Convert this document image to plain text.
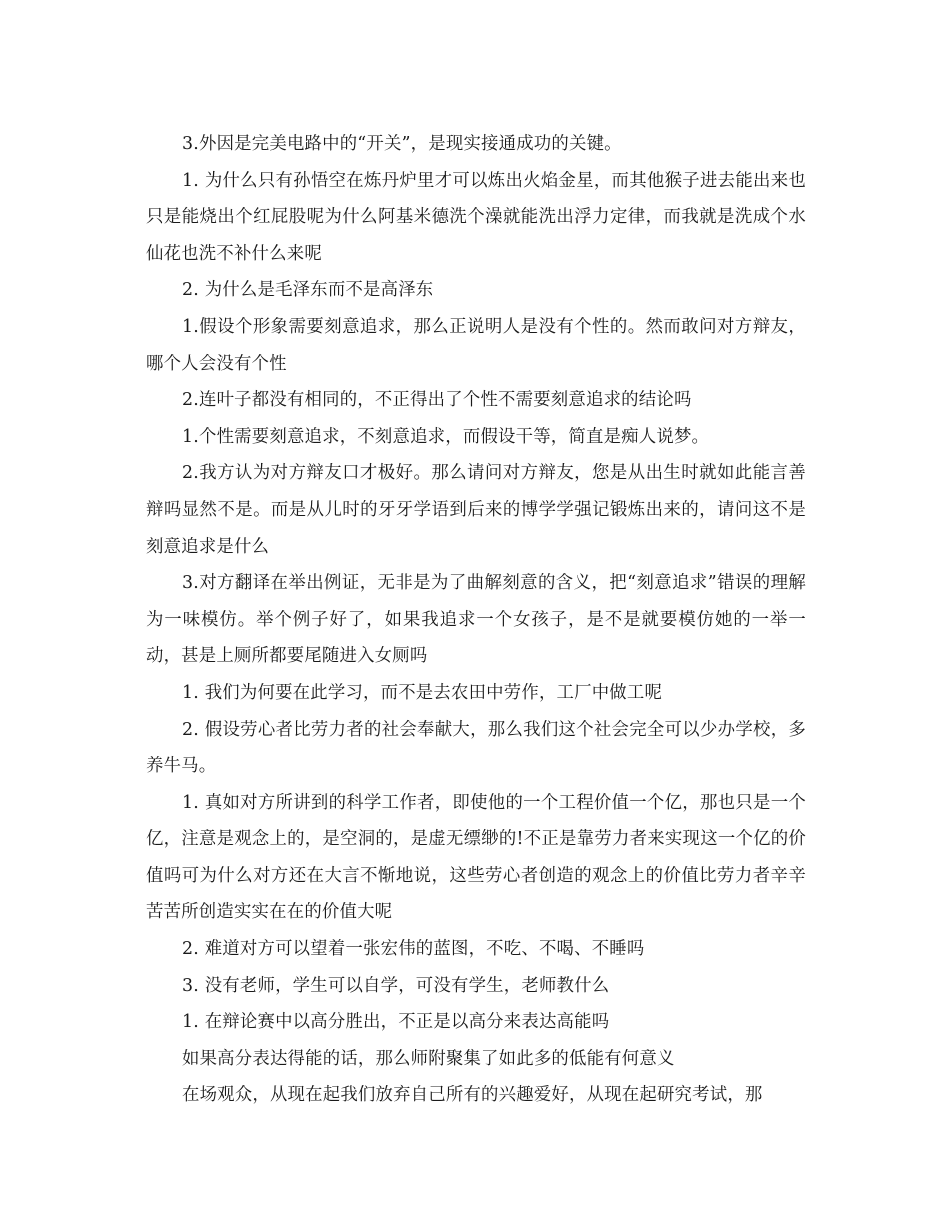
3.外因是完美电路中的“开关”，是现实接通成功的关键。

1. 为什么只有孙悟空在炼丹炉里才可以炼出火焰金星，而其他猴子进去能出来也只是能烧出个红屁股呢为什么阿基米德洗个澡就能洗出浮力定律，而我就是洗成个水仙花也洗不补什么来呢

2. 为什么是毛泽东而不是高泽东

1.假设个形象需要刻意追求，那么正说明人是没有个性的。然而敢问对方辩友，哪个人会没有个性

2.连叶子都没有相同的，不正得出了个性不需要刻意追求的结论吗

1.个性需要刻意追求，不刻意追求，而假设干等，简直是痴人说梦。

2.我方认为对方辩友口才极好。那么请问对方辩友，您是从出生时就如此能言善辩吗显然不是。而是从儿时的牙牙学语到后来的博学学强记锻炼出来的，请问这不是刻意追求是什么

3.对方翻译在举出例证，无非是为了曲解刻意的含义，把“刻意追求”错误的理解为一味模仿。举个例子好了，如果我追求一个女孩子，是不是就要模仿她的一举一动，甚是上厕所都要尾随进入女厕吗

1. 我们为何要在此学习，而不是去农田中劳作，工厂中做工呢

2. 假设劳心者比劳力者的社会奉献大，那么我们这个社会完全可以少办学校，多养牛马。

1. 真如对方所讲到的科学工作者，即使他的一个工程价值一个亿，那也只是一个亿，注意是观念上的，是空洞的，是虚无缥缈的!不正是靠劳力者来实现这一个亿的价值吗可为什么对方还在大言不惭地说，这些劳心者创造的观念上的价值比劳力者辛辛苦苦所创造实实在在的价值大呢

2. 难道对方可以望着一张宏伟的蓝图，不吃、不喝、不睡吗

3. 没有老师，学生可以自学，可没有学生，老师教什么

1. 在辩论赛中以高分胜出，不正是以高分来表达高能吗

如果高分表达得能的话，那么师附聚集了如此多的低能有何意义

在场观众，从现在起我们放弃自己所有的兴趣爱好，从现在起研究考试，那
